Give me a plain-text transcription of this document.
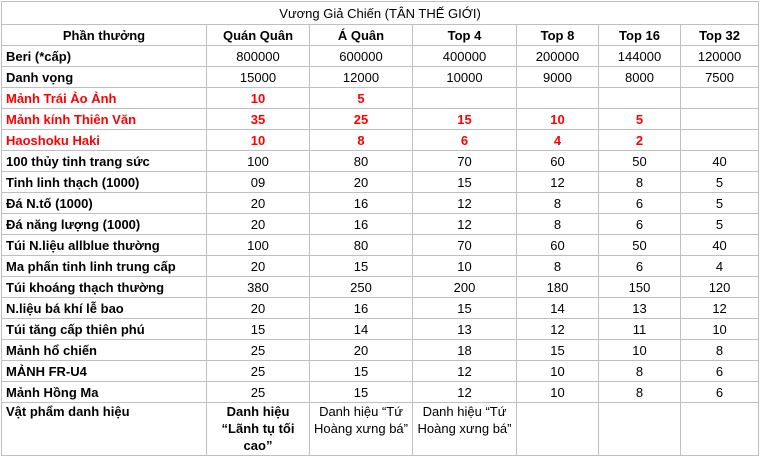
Vương Giả Chiến (TÂN THẾ GIỚI)						
Phần thưởng	Quán Quân	Á Quân	Top 4	Top 8	Top 16	Top 32
Beri (*cấp)	800000	600000	400000	200000	144000	120000
Danh vọng	15000	12000	10000	9000	8000	7500
Mảnh Trái Ảo Ảnh	10	5				
Mảnh kính Thiên Văn	35	25	15	10	5	
Haoshoku Haki	10	8	6	4	2	
100 thủy tinh trang sức	100	80	70	60	50	40
Tinh linh thạch (1000)	09	20	15	12	8	5
Đá N.tố (1000)	20	16	12	8	6	5
Đá năng lượng (1000)	20	16	12	8	6	5
Túi N.liệu allblue thường	100	80	70	60	50	40
Ma phấn tinh linh trung cấp	20	15	10	8	6	4
Túi khoáng thạch thường	380	250	200	180	150	120
N.liệu bá khí lễ bao	20	16	15	14	13	12
Túi tăng cấp thiên phú	15	14	13	12	11	10
Mảnh hổ chiến	25	20	18	15	10	8
MẢNH FR-U4	25	15	12	10	8	6
Mảnh Hồng Ma	25	15	12	10	8	6
Vật phẩm danh hiệu	Danh hiệu “Lãnh tụ tối cao”	Danh hiệu “Tứ Hoàng xưng bá”	Danh hiệu “Tứ Hoàng xưng bá”			
